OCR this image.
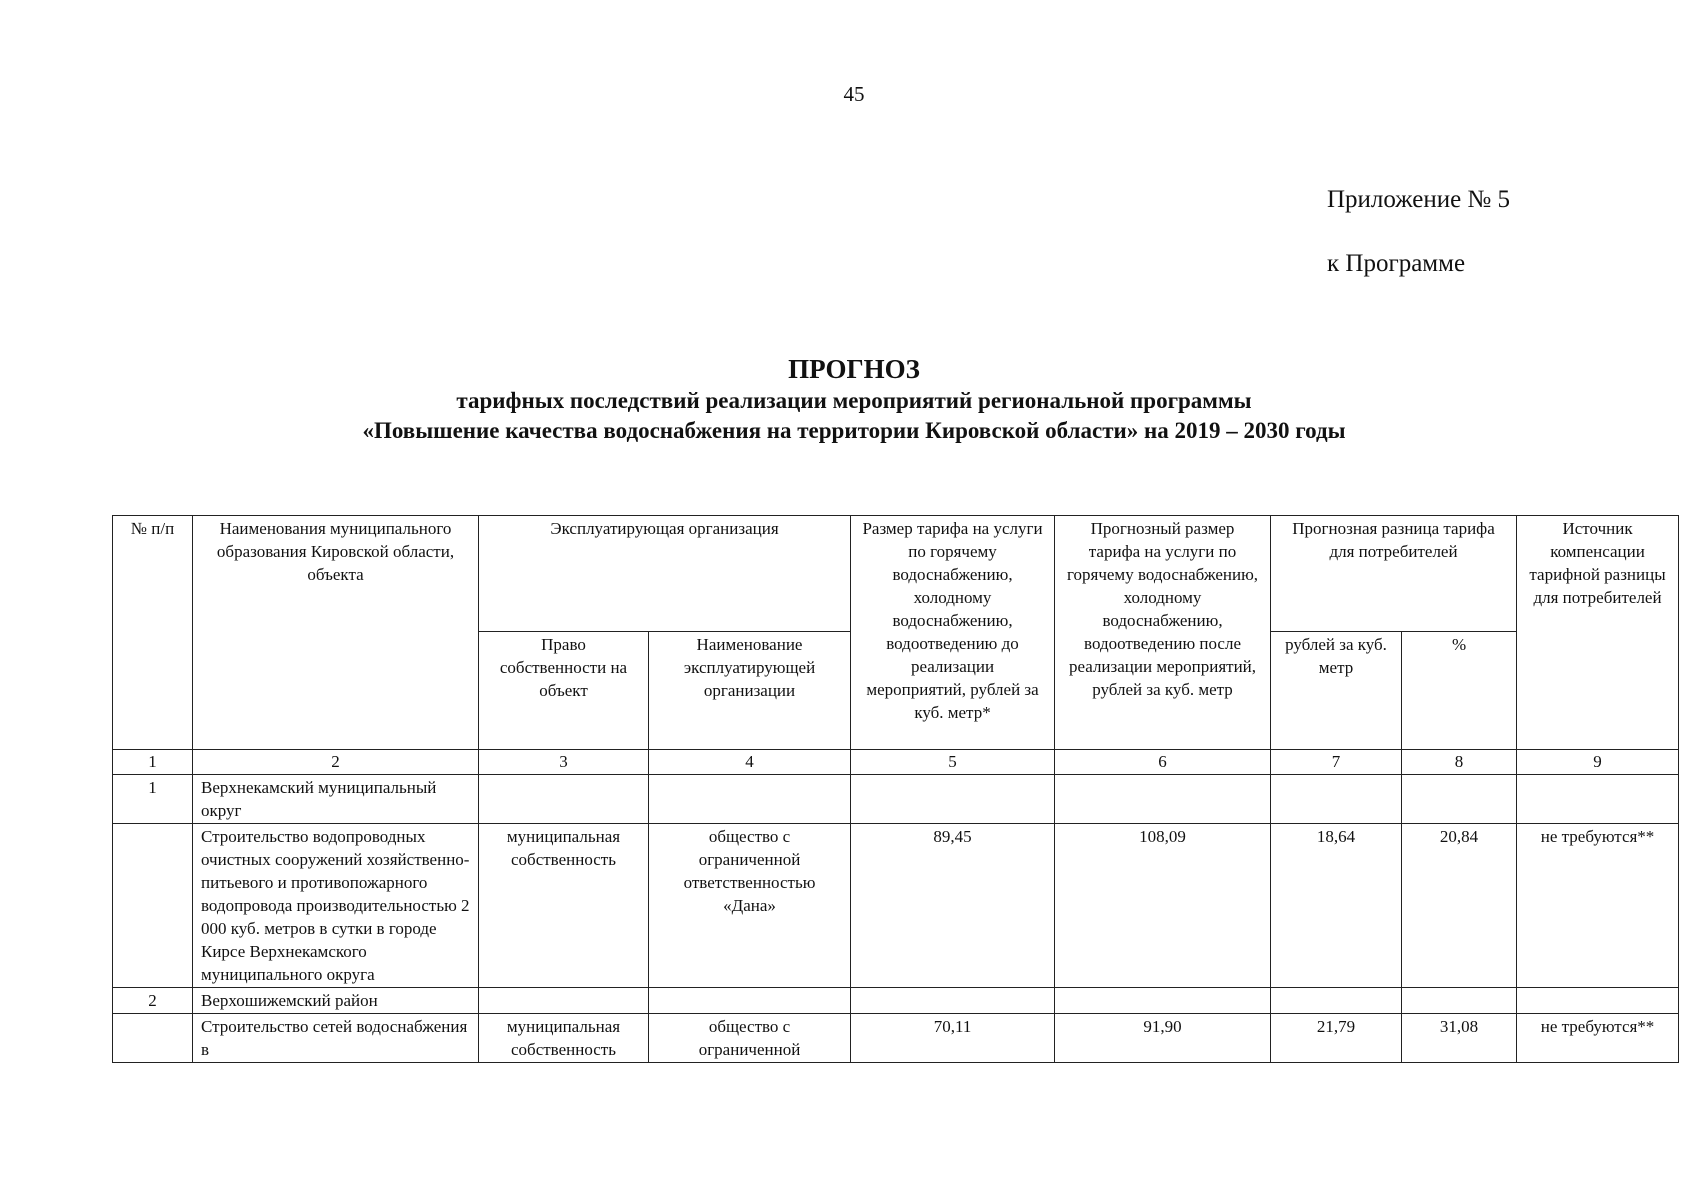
45
Приложение № 5
к Программе
ПРОГНОЗ
тарифных последствий реализации мероприятий региональной программы
«Повышение качества водоснабжения на территории Кировской области» на 2019 – 2030 годы
№ п/п	Наименования муниципального образования Кировской области, объекта	Эксплуатирующая организация		Размер тарифа на услуги по горячему водоснабжению, холодному водоснабжению, водоотведению до реализации мероприятий, рублей за куб. метр*	Прогнозный размер тарифа на услуги по горячему водоснабжению, холодному водоснабжению, водоотведению после реализации мероприятий, рублей за куб. метр	Прогнозная разница тарифа для потребителей		Источник компенсации тарифной разницы для потребителей
		Право собственности на объект	Наименование эксплуатирующей организации			рублей за куб. метр	%	
1	2	3	4	5	6	7	8	9
1	Верхнекамский муниципальный округ							
	Строительство водопроводных очистных сооружений хозяйственно-питьевого и противопожарного водопровода производительностью 2 000 куб. метров в сутки в городе Кирсе Верхнекамского муниципального округа	муниципальная собственность	общество с ограниченной ответственностью «Дана»	89,45	108,09	18,64	20,84	не требуются**
2	Верхошижемский район							
	Строительство сетей водоснабжения в	муниципальная собственность	общество с ограниченной	70,11	91,90	21,79	31,08	не требуются**
